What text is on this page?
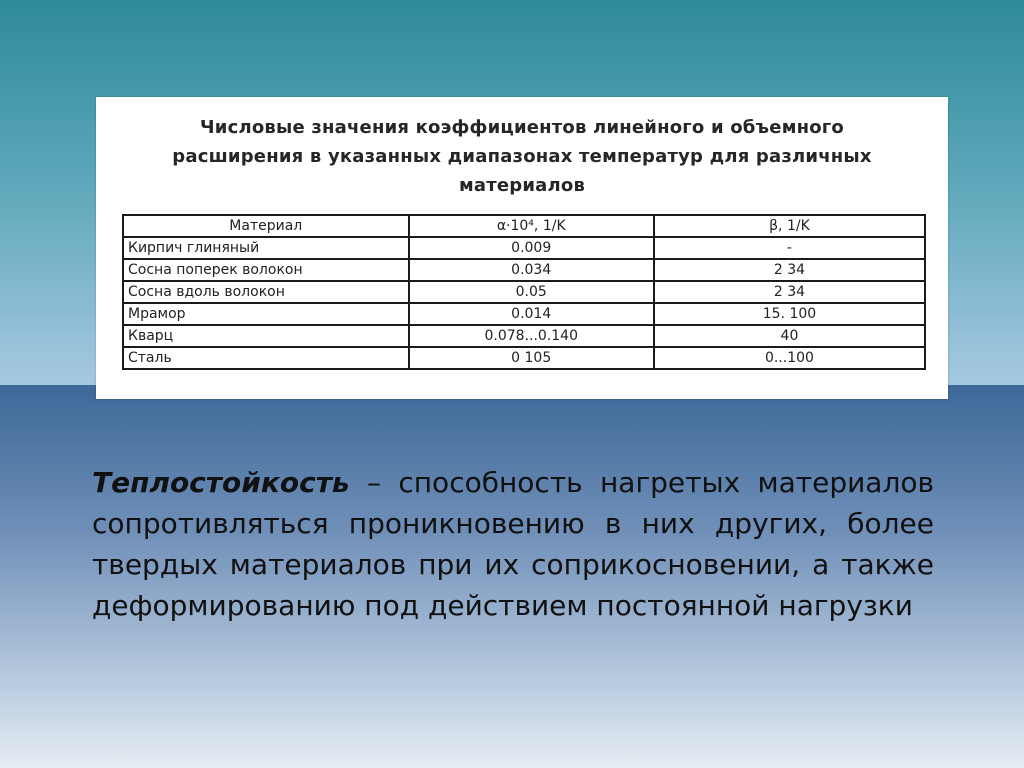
Числовые значения коэффициентов линейного и объемного расширения в указанных диапазонах температур для различных материалов
Материал	α·10⁴, 1/K	β, 1/K
Кирпич глиняный	0.009	-
Сосна поперек волокон	0.034	2 34
Сосна вдоль волокон	0.05	2 34
Мрамор	0.014	15. 100
Кварц	0.078...0.140	40
Сталь	0 105	0...100
Теплостойкость – способность нагретых материалов сопротивляться проникновению в них других, более твердых материалов при их соприкосновении, а также деформированию под действием постоянной нагрузки
